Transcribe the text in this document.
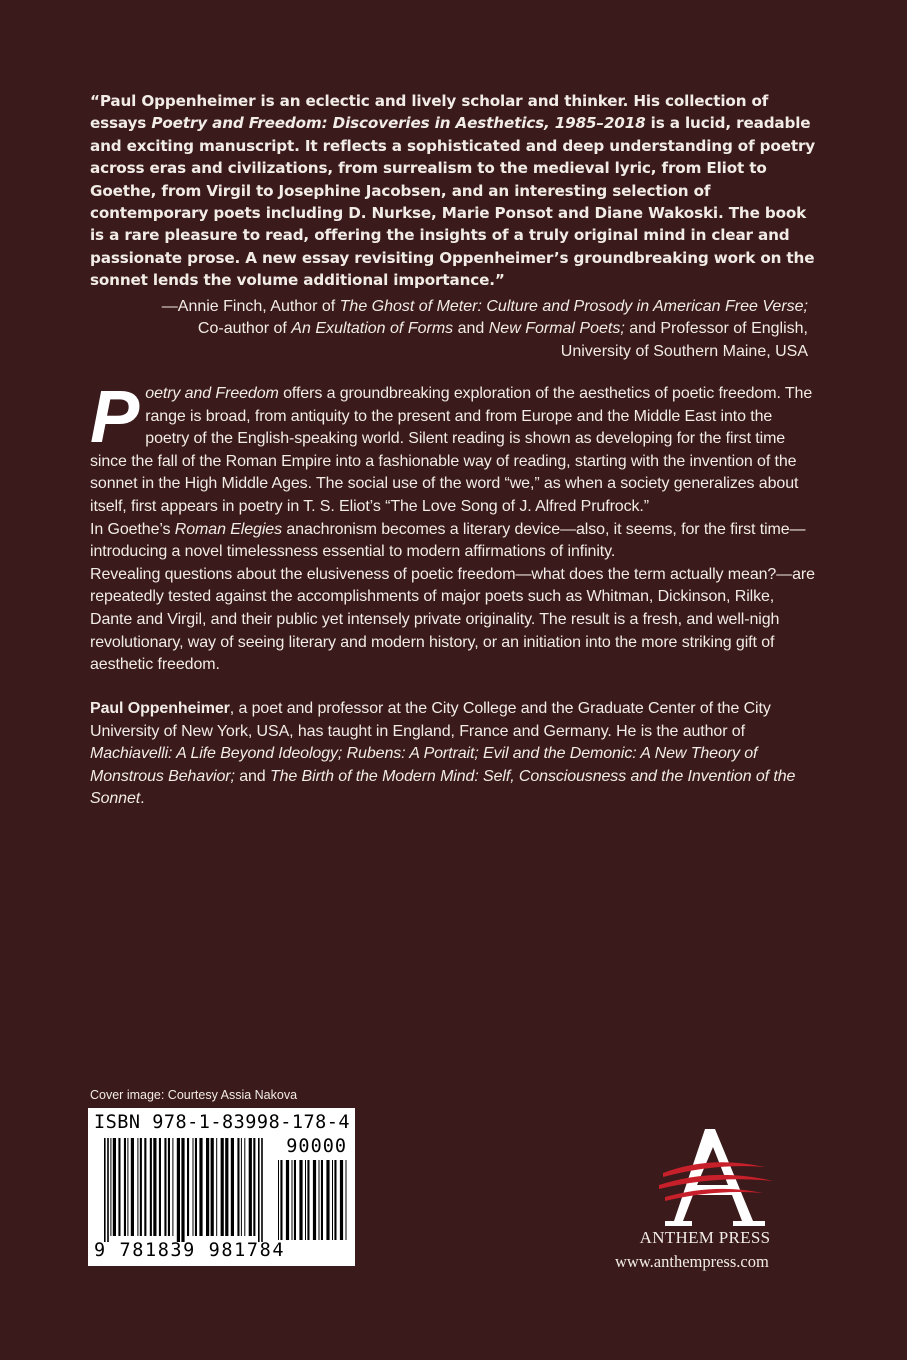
“Paul Oppenheimer is an eclectic and lively scholar and thinker. His collection of essays Poetry and Freedom: Discoveries in Aesthetics, 1985–2018 is a lucid, readable and exciting manuscript. It reflects a sophisticated and deep understanding of poetry across eras and civilizations, from surrealism to the medieval lyric, from Eliot to Goethe, from Virgil to Josephine Jacobsen, and an interesting selection of contemporary poets including D. Nurkse, Marie Ponsot and Diane Wakoski. The book is a rare pleasure to read, offering the insights of a truly original mind in clear and passionate prose. A new essay revisiting Oppenheimer’s groundbreaking work on the sonnet lends the volume additional importance.”
—Annie Finch, Author of The Ghost of Meter: Culture and Prosody in American Free Verse;
Co-author of An Exultation of Forms and New Formal Poets; and Professor of English,
University of Southern Maine, USA
P oetry and Freedom offers a groundbreaking exploration of the aesthetics of poetic freedom. The range is broad, from antiquity to the present and from Europe and the Middle East into the poetry of the English-speaking world. Silent reading is shown as developing for the first time since the fall of the Roman Empire into a fashionable way of reading, starting with the invention of the sonnet in the High Middle Ages. The social use of the word “we,” as when a society generalizes about itself, first appears in poetry in T. S. Eliot’s “The Love Song of J. Alfred Prufrock.”

In Goethe’s Roman Elegies anachronism becomes a literary device—also, it seems, for the first time—introducing a novel timelessness essential to modern affirmations of infinity.

Revealing questions about the elusiveness of poetic freedom—what does the term actually mean?—are repeatedly tested against the accomplishments of major poets such as Whitman, Dickinson, Rilke, Dante and Virgil, and their public yet intensely private originality. The result is a fresh, and well-nigh revolutionary, way of seeing literary and modern history, or an initiation into the more striking gift of aesthetic freedom.

Paul Oppenheimer, a poet and professor at the City College and the Graduate Center of the City University of New York, USA, has taught in England, France and Germany. He is the author of Machiavelli: A Life Beyond Ideology; Rubens: A Portrait; Evil and the Demonic: A New Theory of Monstrous Behavior; and The Birth of the Modern Mind: Self, Consciousness and the Invention of the Sonnet.
Cover image: Courtesy Assia Nakova
ISBN 978-1-83998-178-4
90000
9 781839 981784
ANTHEM PRESS
www.anthempress.com
